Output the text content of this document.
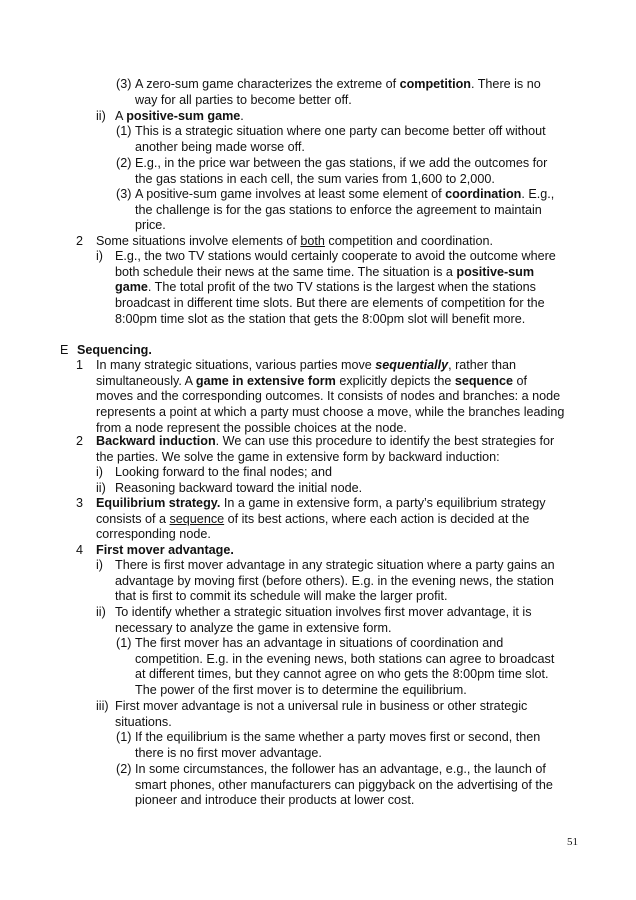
(3) A zero-sum game characterizes the extreme of competition. There is no
way for all parties to become better off.
ii) A positive-sum game.
(1) This is a strategic situation where one party can become better off without
another being made worse off.
(2) E.g., in the price war between the gas stations, if we add the outcomes for
the gas stations in each cell, the sum varies from 1,600 to 2,000.
(3) A positive-sum game involves at least some element of coordination. E.g.,
the challenge is for the gas stations to enforce the agreement to maintain
price.
2 Some situations involve elements of both competition and coordination.
i) E.g., the two TV stations would certainly cooperate to avoid the outcome where
both schedule their news at the same time. The situation is a positive-sum
game. The total profit of the two TV stations is the largest when the stations
broadcast in different time slots. But there are elements of competition for the
8:00pm time slot as the station that gets the 8:00pm slot will benefit more.
E Sequencing.
1 In many strategic situations, various parties move sequentially, rather than
simultaneously. A game in extensive form explicitly depicts the sequence of
moves and the corresponding outcomes. It consists of nodes and branches: a node
represents a point at which a party must choose a move, while the branches leading
from a node represent the possible choices at the node.
2 Backward induction. We can use this procedure to identify the best strategies for
the parties. We solve the game in extensive form by backward induction:
i) Looking forward to the final nodes; and
ii) Reasoning backward toward the initial node.
3 Equilibrium strategy. In a game in extensive form, a party’s equilibrium strategy
consists of a sequence of its best actions, where each action is decided at the
corresponding node.
4 First mover advantage.
i) There is first mover advantage in any strategic situation where a party gains an
advantage by moving first (before others). E.g. in the evening news, the station
that is first to commit its schedule will make the larger profit.
ii) To identify whether a strategic situation involves first mover advantage, it is
necessary to analyze the game in extensive form.
(1) The first mover has an advantage in situations of coordination and
competition. E.g. in the evening news, both stations can agree to broadcast
at different times, but they cannot agree on who gets the 8:00pm time slot.
The power of the first mover is to determine the equilibrium.
iii) First mover advantage is not a universal rule in business or other strategic
situations.
(1) If the equilibrium is the same whether a party moves first or second, then
there is no first mover advantage.
(2) In some circumstances, the follower has an advantage, e.g., the launch of
smart phones, other manufacturers can piggyback on the advertising of the
pioneer and introduce their products at lower cost.
51
